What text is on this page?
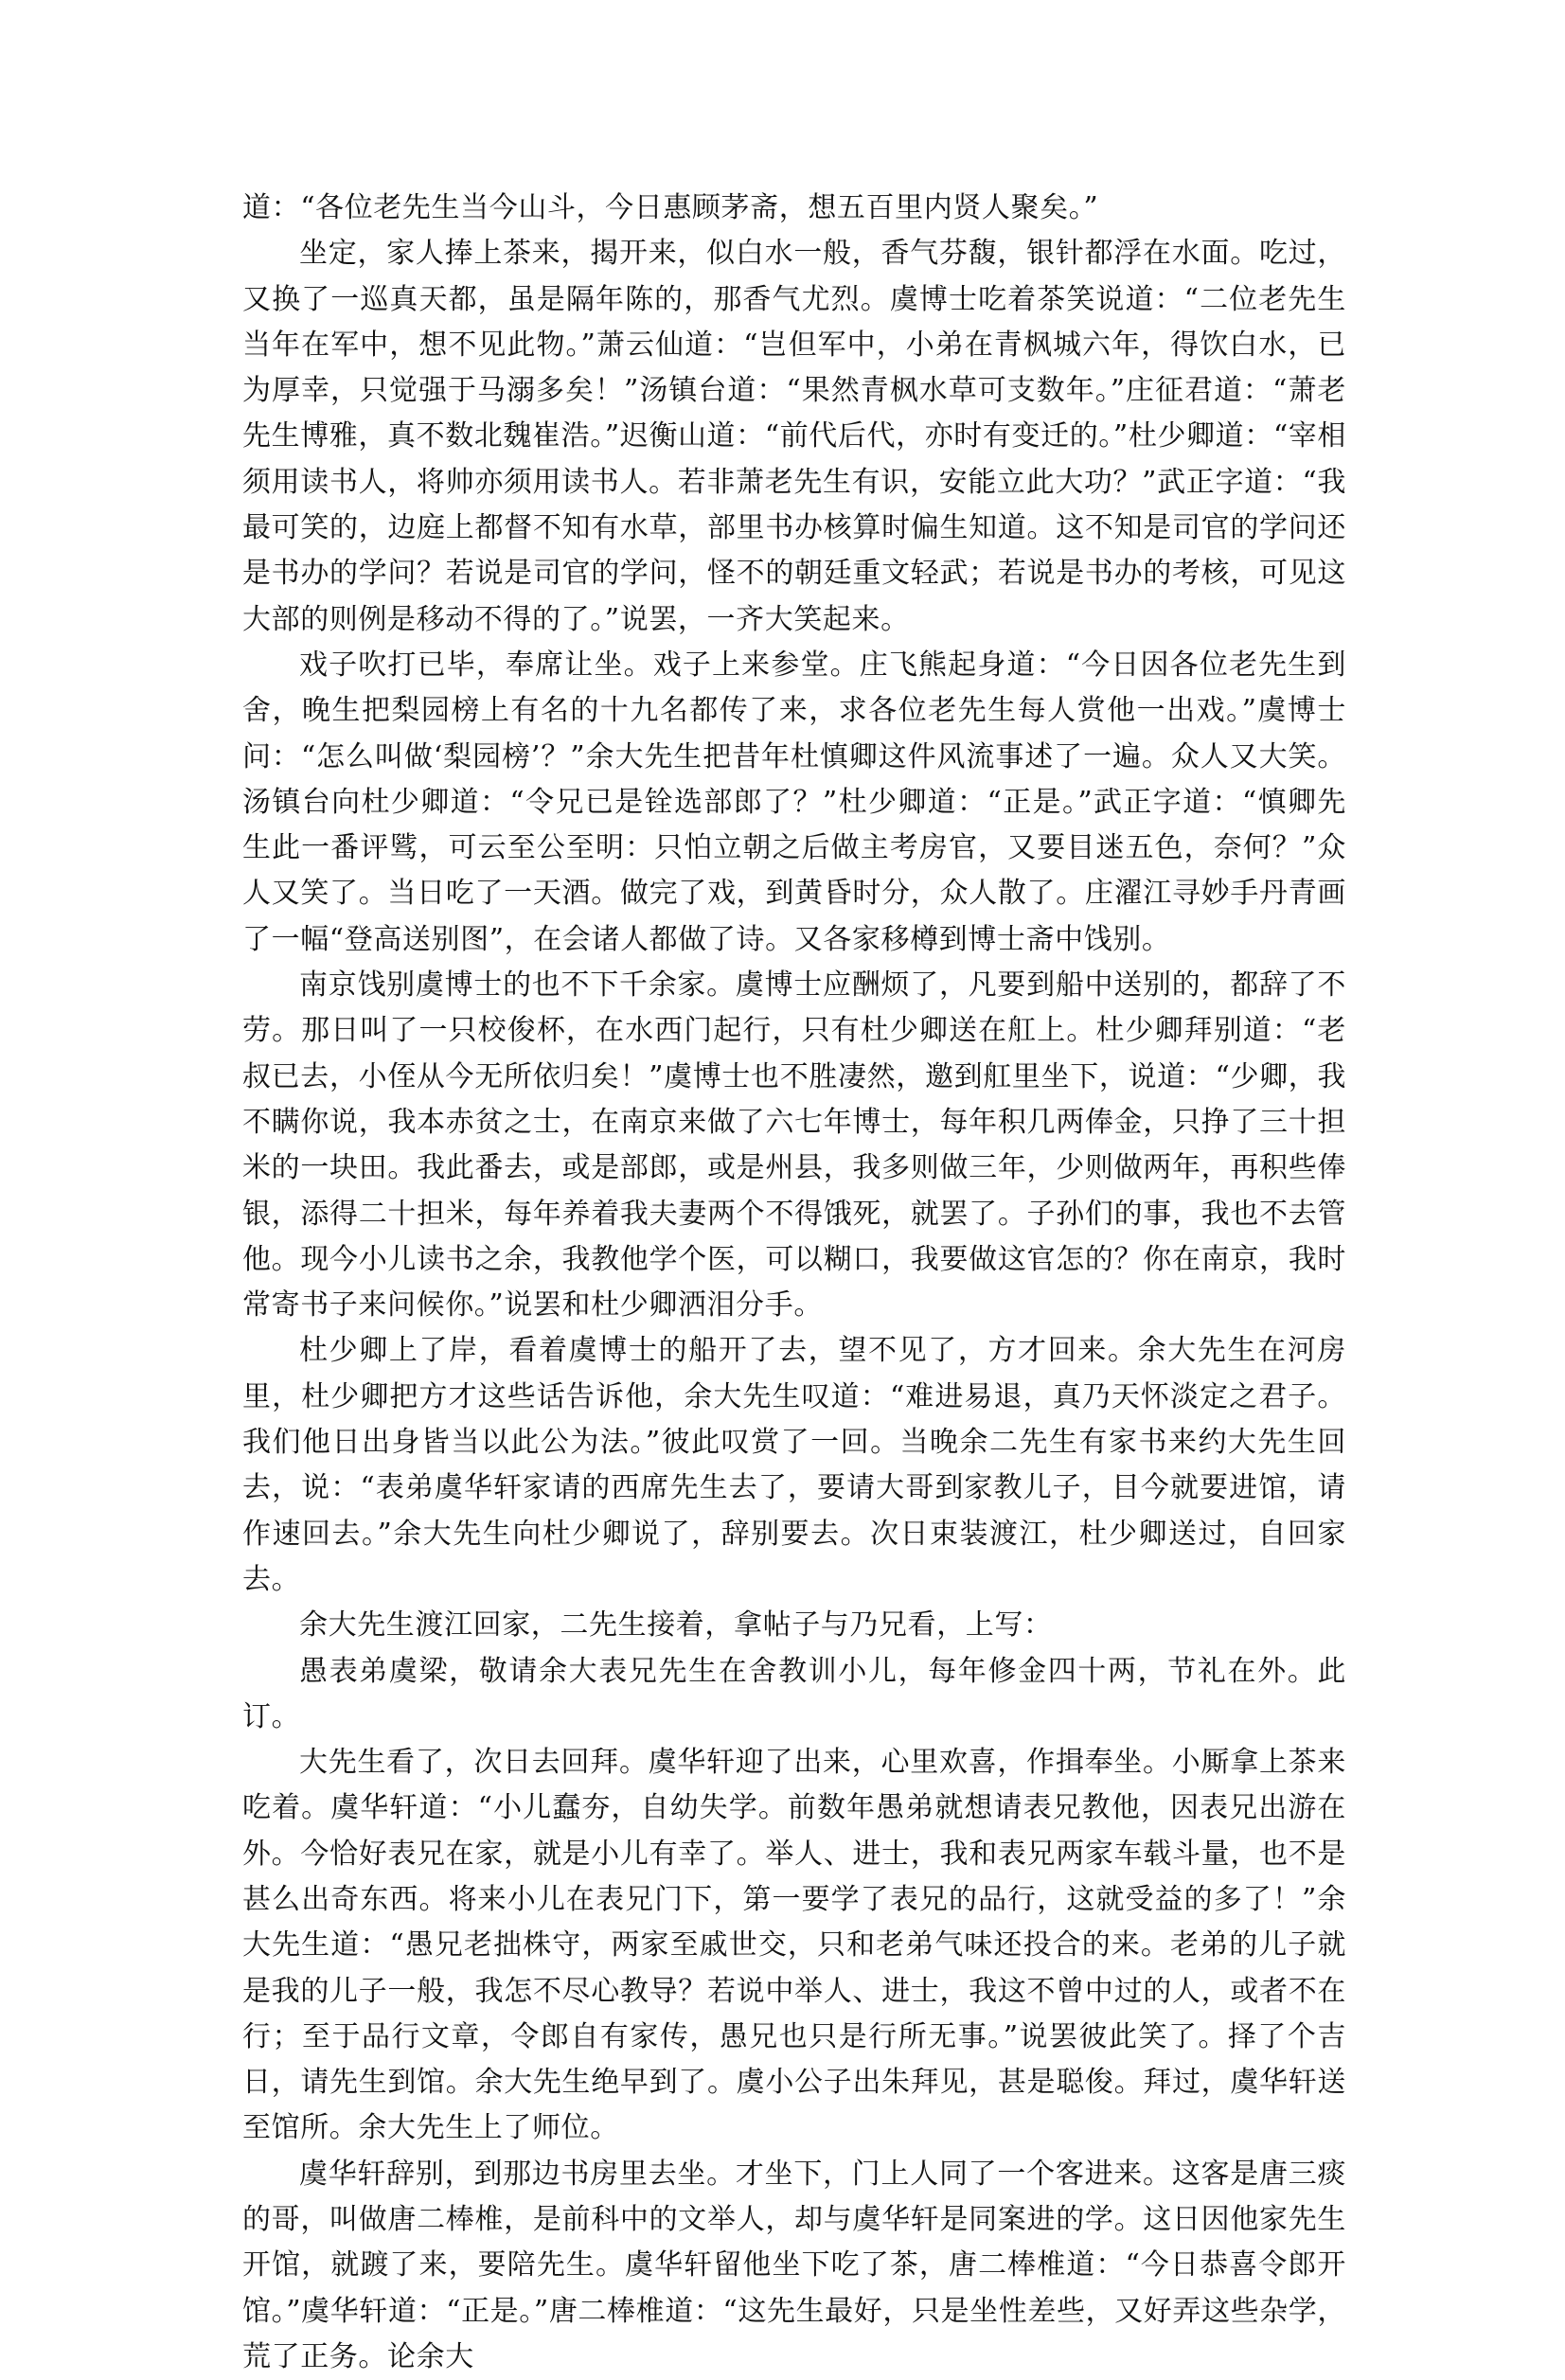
道：“各位老先生当今山斗，今日惠顾茅斋，想五百里内贤人聚矣。”

坐定，家人捧上茶来，揭开来，似白水一般，香气芬馥，银针都浮在水面。吃过，又换了一巡真天都，虽是隔年陈的，那香气尤烈。虞博士吃着茶笑说道：“二位老先生当年在军中，想不见此物。”萧云仙道：“岂但军中，小弟在青枫城六年，得饮白水，已为厚幸，只觉强于马溺多矣！”汤镇台道：“果然青枫水草可支数年。”庄征君道：“萧老先生博雅，真不数北魏崔浩。”迟衡山道：“前代后代，亦时有变迁的。”杜少卿道：“宰相须用读书人，将帅亦须用读书人。若非萧老先生有识，安能立此大功？”武正字道：“我最可笑的，边庭上都督不知有水草，部里书办核算时偏生知道。这不知是司官的学问还是书办的学问？若说是司官的学问，怪不的朝廷重文轻武；若说是书办的考核，可见这大部的则例是移动不得的了。”说罢，一齐大笑起来。

戏子吹打已毕，奉席让坐。戏子上来参堂。庄飞熊起身道：“今日因各位老先生到舍，晚生把梨园榜上有名的十九名都传了来，求各位老先生每人赏他一出戏。”虞博士问：“怎么叫做‘梨园榜’？”余大先生把昔年杜慎卿这件风流事述了一遍。众人又大笑。汤镇台向杜少卿道：“令兄已是铨选部郎了？”杜少卿道：“正是。”武正字道：“慎卿先生此一番评骘，可云至公至明：只怕立朝之后做主考房官，又要目迷五色，奈何？”众人又笑了。当日吃了一天酒。做完了戏，到黄昏时分，众人散了。庄濯江寻妙手丹青画了一幅“登高送别图”，在会诸人都做了诗。又各家移樽到博士斋中饯别。

南京饯别虞博士的也不下千余家。虞博士应酬烦了，凡要到船中送别的，都辞了不劳。那日叫了一只校俊杯，在水西门起行，只有杜少卿送在舡上。杜少卿拜别道：“老叔已去，小侄从今无所依归矣！”虞博士也不胜凄然，邀到舡里坐下，说道：“少卿，我不瞒你说，我本赤贫之士，在南京来做了六七年博士，每年积几两俸金，只挣了三十担米的一块田。我此番去，或是部郎，或是州县，我多则做三年，少则做两年，再积些俸银，添得二十担米，每年养着我夫妻两个不得饿死，就罢了。子孙们的事，我也不去管他。现今小儿读书之余，我教他学个医，可以糊口，我要做这官怎的？你在南京，我时常寄书子来问候你。”说罢和杜少卿洒泪分手。

杜少卿上了岸，看着虞博士的船开了去，望不见了，方才回来。余大先生在河房里，杜少卿把方才这些话告诉他，余大先生叹道：“难进易退，真乃天怀淡定之君子。我们他日出身皆当以此公为法。”彼此叹赏了一回。当晚余二先生有家书来约大先生回去，说：“表弟虞华轩家请的西席先生去了，要请大哥到家教儿子，目今就要进馆，请作速回去。”余大先生向杜少卿说了，辞别要去。次日束装渡江，杜少卿送过，自回家去。

余大先生渡江回家，二先生接着，拿帖子与乃兄看，上写：

愚表弟虞梁，敬请余大表兄先生在舍教训小儿，每年修金四十两，节礼在外。此订。

大先生看了，次日去回拜。虞华轩迎了出来，心里欢喜，作揖奉坐。小厮拿上茶来吃着。虞华轩道：“小儿蠢夯，自幼失学。前数年愚弟就想请表兄教他，因表兄出游在外。今恰好表兄在家，就是小儿有幸了。举人、进士，我和表兄两家车载斗量，也不是甚么出奇东西。将来小儿在表兄门下，第一要学了表兄的品行，这就受益的多了！”余大先生道：“愚兄老拙株守，两家至戚世交，只和老弟气味还投合的来。老弟的儿子就是我的儿子一般，我怎不尽心教导？若说中举人、进士，我这不曾中过的人，或者不在行；至于品行文章，令郎自有家传，愚兄也只是行所无事。”说罢彼此笑了。择了个吉日，请先生到馆。余大先生绝早到了。虞小公子出朱拜见，甚是聪俊。拜过，虞华轩送至馆所。余大先生上了师位。

虞华轩辞别，到那边书房里去坐。才坐下，门上人同了一个客进来。这客是唐三痰的哥，叫做唐二棒椎，是前科中的文举人，却与虞华轩是同案进的学。这日因他家先生开馆，就踱了来，要陪先生。虞华轩留他坐下吃了茶，唐二棒椎道：“今日恭喜令郎开馆。”虞华轩道：“正是。”唐二棒椎道：“这先生最好，只是坐性差些，又好弄这些杂学，荒了正务。论余大
